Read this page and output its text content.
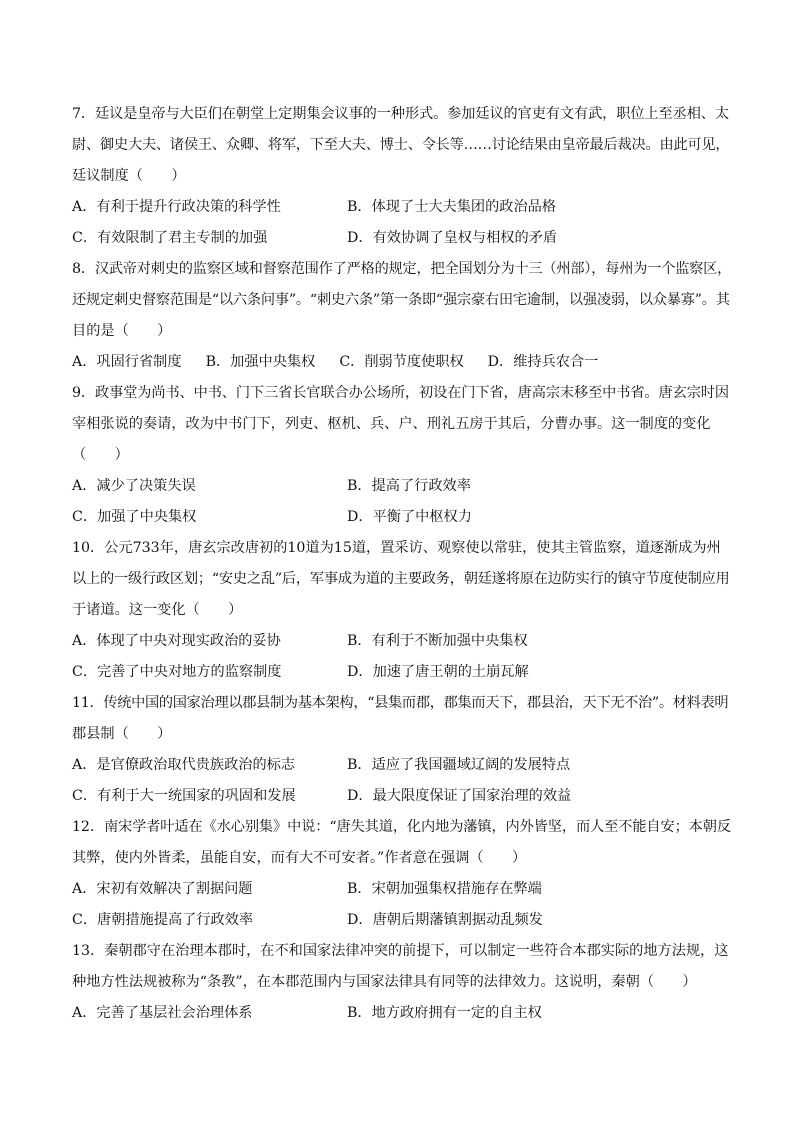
7．廷议是皇帝与大臣们在朝堂上定期集会议事的一种形式。参加廷议的官吏有文有武，职位上至丞相、太
尉、御史大夫、诸侯王、众卿、将军，下至大夫、博士、令长等……讨论结果由皇帝最后裁决。由此可见，
廷议制度（　　）
A．有利于提升行政决策的科学性	B．体现了士大夫集团的政治品格
C．有效限制了君主专制的加强	D．有效协调了皇权与相权的矛盾
8．汉武帝对刺史的监察区域和督察范围作了严格的规定，把全国划分为十三（州部），每州为一个监察区，
还规定刺史督察范围是“以六条问事”。“刺史六条”第一条即“强宗豪右田宅逾制，以强凌弱，以众暴寡”。其
目的是（　　）
A．巩固行省制度 B．加强中央集权 C．削弱节度使职权 D．维持兵农合一
9．政事堂为尚书、中书、门下三省长官联合办公场所，初设在门下省，唐高宗末移至中书省。唐玄宗时因
宰相张说的奏请，改为中书门下，列吏、枢机、兵、户、刑礼五房于其后，分曹办事。这一制度的变化
（　　）
A．减少了决策失误	B．提高了行政效率
C．加强了中央集权	D．平衡了中枢权力
10．公元733年，唐玄宗改唐初的10道为15道，置采访、观察使以常驻，使其主管监察，道逐渐成为州
以上的一级行政区划；“安史之乱”后，军事成为道的主要政务，朝廷遂将原在边防实行的镇守节度使制应用
于诸道。这一变化（　　）
A．体现了中央对现实政治的妥协	B．有利于不断加强中央集权
C．完善了中央对地方的监察制度	D．加速了唐王朝的土崩瓦解
11．传统中国的国家治理以郡县制为基本架构，“县集而郡，郡集而天下，郡县治，天下无不治”。材料表明
郡县制（　　）
A．是官僚政治取代贵族政治的标志	B．适应了我国疆域辽阔的发展特点
C．有利于大一统国家的巩固和发展	D．最大限度保证了国家治理的效益
12．南宋学者叶适在《水心别集》中说：“唐失其道，化内地为藩镇，内外皆坚，而人至不能自安；本朝反
其弊，使内外皆柔，虽能自安，而有大不可安者。”作者意在强调（　　）
A．宋初有效解决了割据问题	B．宋朝加强集权措施存在弊端
C．唐朝措施提高了行政效率	D．唐朝后期藩镇割据动乱频发
13．秦朝郡守在治理本郡时，在不和国家法律冲突的前提下，可以制定一些符合本郡实际的地方法规，这
种地方性法规被称为“条教”，在本郡范围内与国家法律具有同等的法律效力。这说明，秦朝（　　）
A．完善了基层社会治理体系	B．地方政府拥有一定的自主权
